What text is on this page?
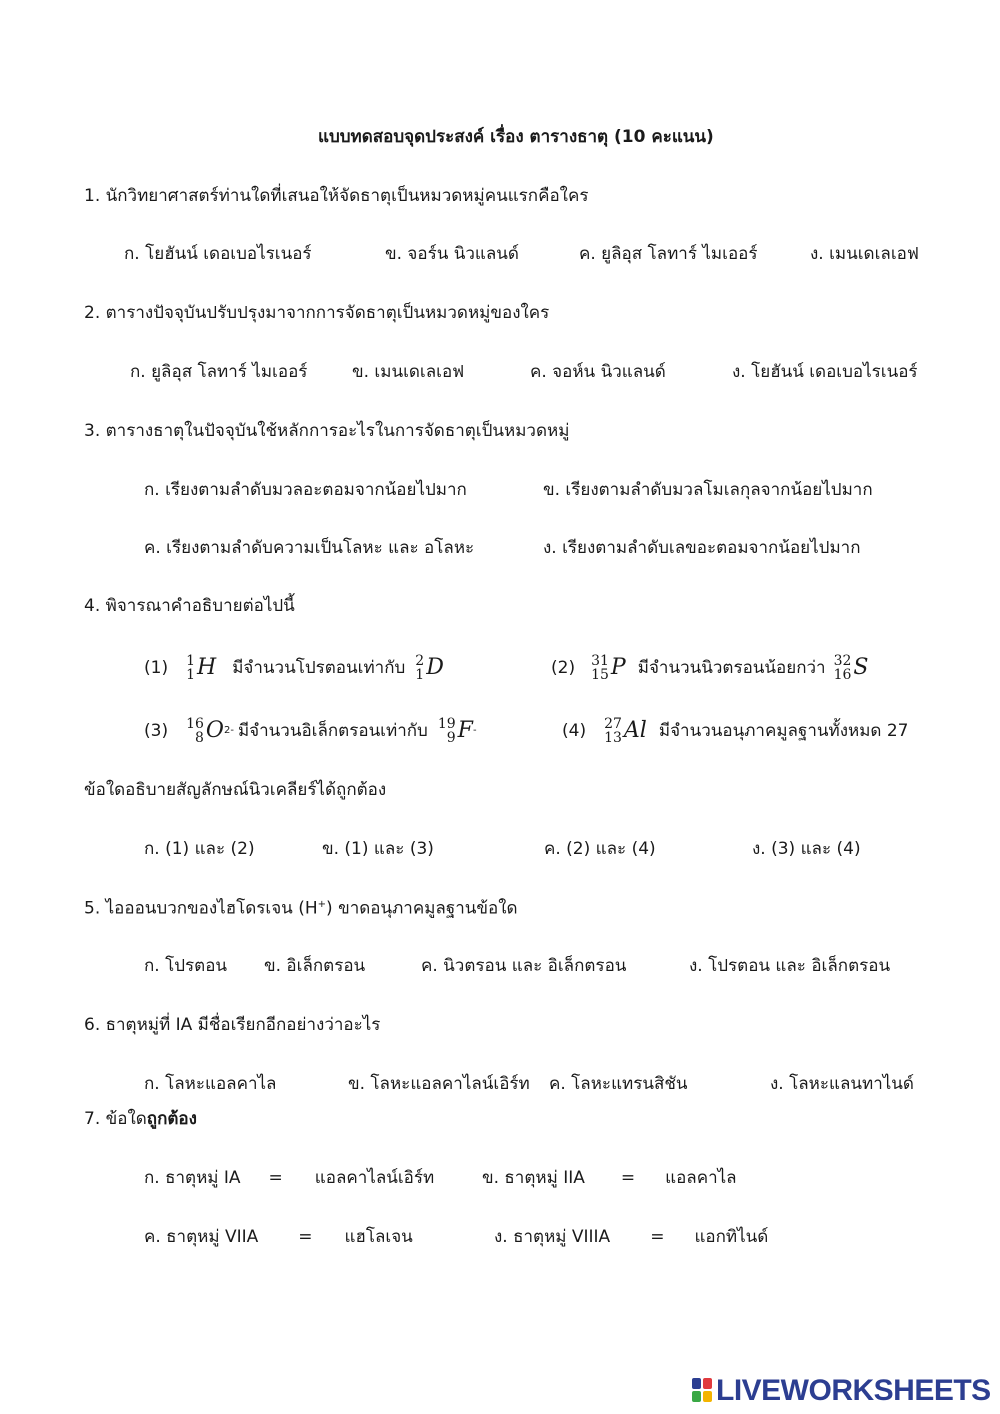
แบบทดสอบจุดประสงค์ เรื่อง ตารางธาตุ (10 คะแนน)
1. นักวิทยาศาสตร์ท่านใดที่เสนอให้จัดธาตุเป็นหมวดหมู่คนแรกคือใคร
ก. โยฮันน์ เดอเบอไรเนอร์	ข. จอร์น นิวแลนด์	ค. ยูลิอุส โลทาร์ ไมเออร์	ง. เมนเดเลเอฟ
2. ตารางปัจจุบันปรับปรุงมาจากการจัดธาตุเป็นหมวดหมู่ของใคร
ก. ยูลิอุส โลทาร์ ไมเออร์	ข. เมนเดเลเอฟ	ค. จอห์น นิวแลนด์	ง. โยฮันน์ เดอเบอไรเนอร์
3. ตารางธาตุในปัจจุบันใช้หลักการอะไรในการจัดธาตุเป็นหมวดหมู่
ก. เรียงตามลำดับมวลอะตอมจากน้อยไปมาก	ข. เรียงตามลำดับมวลโมเลกุลจากน้อยไปมาก
ค. เรียงตามลำดับความเป็นโลหะ และ อโลหะ	ง. เรียงตามลำดับเลขอะตอมจากน้อยไปมาก
4. พิจารณาคำอธิบายต่อไปนี้
(1) 1
1 H มีจำนวนโปรตอนเท่ากับ 2
1 D	(2) 31
15 P มีจำนวนนิวตรอนน้อยกว่า 32
16 S
(3) 16
8 O 2- มีจำนวนอิเล็กตรอนเท่ากับ 19
9 F -	(4) 27
13 Al มีจำนวนอนุภาคมูลฐานทั้งหมด 27
ข้อใดอธิบายสัญลักษณ์นิวเคลียร์ได้ถูกต้อง
ก. (1) และ (2)	ข. (1) และ (3)	ค. (2) และ (4)	ง. (3) และ (4)
5. ไอออนบวกของไฮโดรเจน (H+) ขาดอนุภาคมูลฐานข้อใด
ก. โปรตอน ข. อิเล็กตรอน	ค. นิวตรอน และ อิเล็กตรอน	ง. โปรตอน และ อิเล็กตรอน
6. ธาตุหมู่ที่ IA มีชื่อเรียกอีกอย่างว่าอะไร
ก. โลหะแอลคาไล	ข. โลหะแอลคาไลน์เอิร์ท ค. โลหะแทรนสิชัน	ง. โลหะแลนทาไนด์
7. ข้อใดถูกต้อง
ก. ธาตุหมู่ IA = แอลคาไลน์เอิร์ท	ข. ธาตุหมู่ IIA = แอลคาไล
ค. ธาตุหมู่ VIIA = แฮโลเจน	ง. ธาตุหมู่ VIIIA = แอกทิไนด์
LIVEWORKSHEETS
